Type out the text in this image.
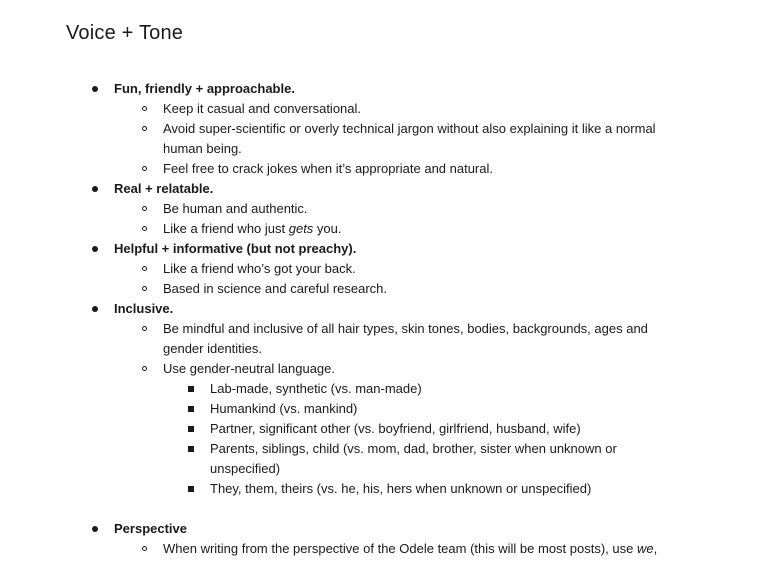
Voice + Tone
Fun, friendly + approachable.
Keep it casual and conversational.
Avoid super-scientific or overly technical jargon without also explaining it like a normal
human being.
Feel free to crack jokes when it’s appropriate and natural.
Real + relatable.
Be human and authentic.
Like a friend who just gets you.
Helpful + informative (but not preachy).
Like a friend who’s got your back.
Based in science and careful research.
Inclusive.
Be mindful and inclusive of all hair types, skin tones, bodies, backgrounds, ages and
gender identities.
Use gender-neutral language.
Lab-made, synthetic (vs. man-made)
Humankind (vs. mankind)
Partner, significant other (vs. boyfriend, girlfriend, husband, wife)
Parents, siblings, child (vs. mom, dad, brother, sister when unknown or
unspecified)
They, them, theirs (vs. he, his, hers when unknown or unspecified)
Perspective
When writing from the perspective of the Odele team (this will be most posts), use we,
